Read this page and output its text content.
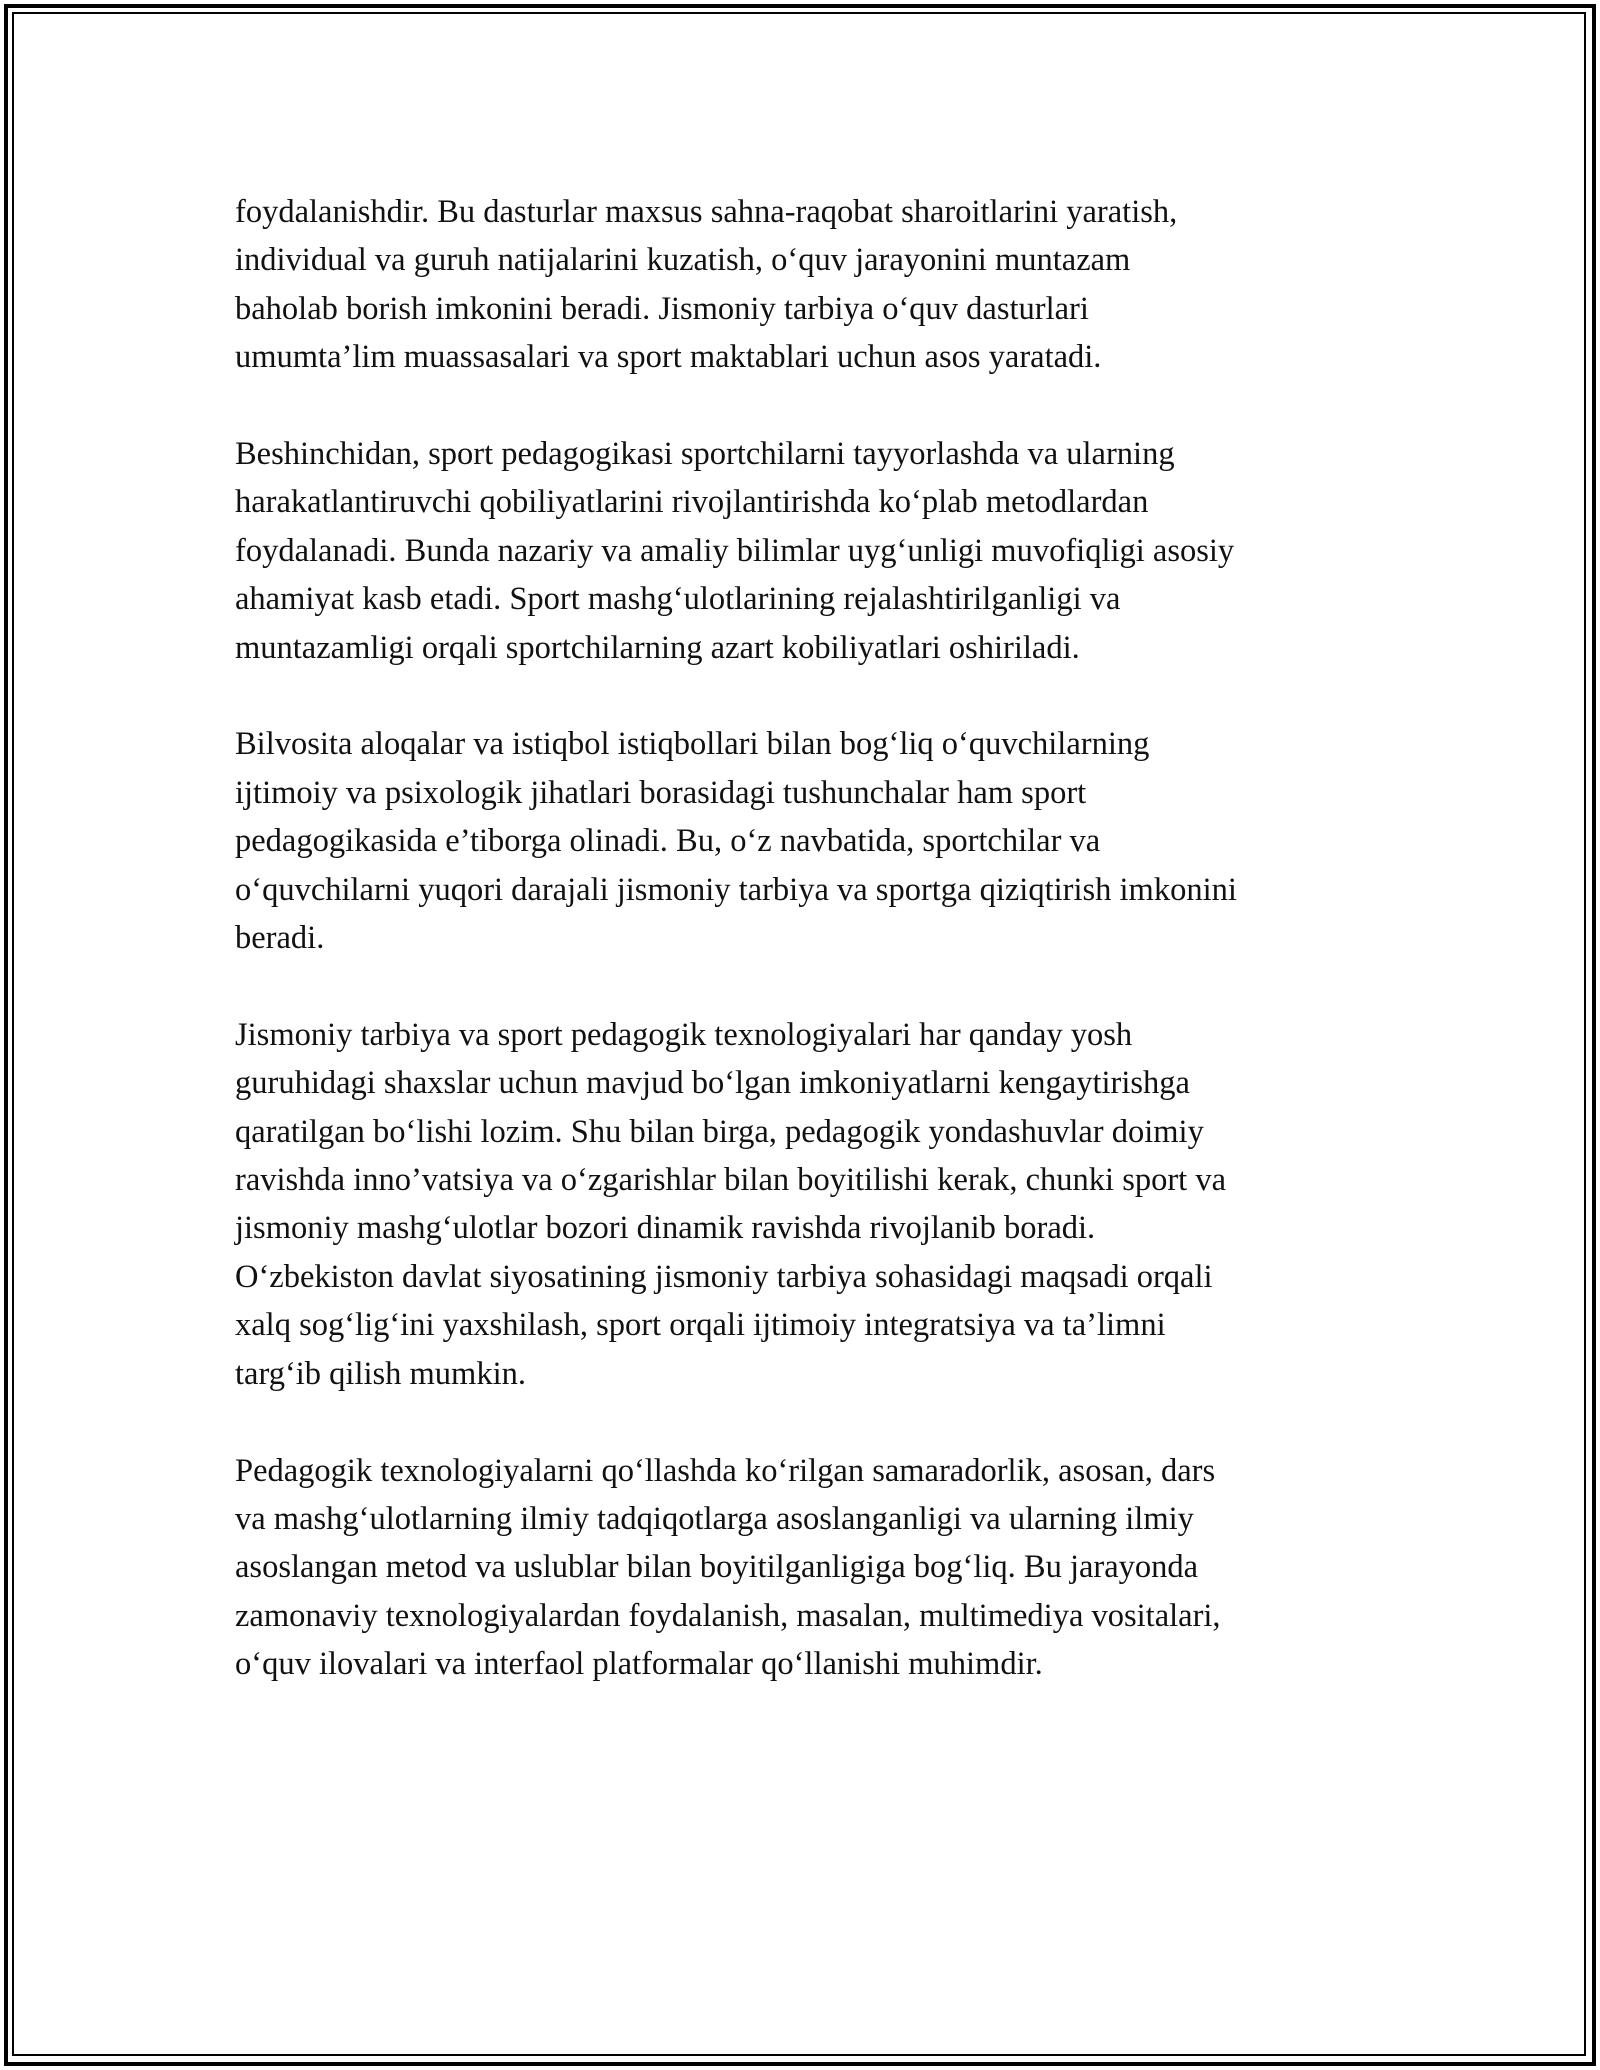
foydalanishdir. Bu dasturlar maxsus sahna-raqobat sharoitlarini yaratish,
individual va guruh natijalarini kuzatish, o‘quv jarayonini muntazam
baholab borish imkonini beradi. Jismoniy tarbiya o‘quv dasturlari
umumta’lim muassasalari va sport maktablari uchun asos yaratadi.

Beshinchidan, sport pedagogikasi sportchilarni tayyorlashda va ularning
harakatlantiruvchi qobiliyatlarini rivojlantirishda ko‘plab metodlardan
foydalanadi. Bunda nazariy va amaliy bilimlar uyg‘unligi muvofiqligi asosiy
ahamiyat kasb etadi. Sport mashg‘ulotlarining rejalashtirilganligi va
muntazamligi orqali sportchilarning azart kobiliyatlari oshiriladi.

Bilvosita aloqalar va istiqbol istiqbollari bilan bog‘liq o‘quvchilarning
ijtimoiy va psixologik jihatlari borasidagi tushunchalar ham sport
pedagogikasida e’tiborga olinadi. Bu, o‘z navbatida, sportchilar va
o‘quvchilarni yuqori darajali jismoniy tarbiya va sportga qiziqtirish imkonini
beradi.

Jismoniy tarbiya va sport pedagogik texnologiyalari har qanday yosh
guruhidagi shaxslar uchun mavjud bo‘lgan imkoniyatlarni kengaytirishga
qaratilgan bo‘lishi lozim. Shu bilan birga, pedagogik yondashuvlar doimiy
ravishda inno’vatsiya va o‘zgarishlar bilan boyitilishi kerak, chunki sport va
jismoniy mashg‘ulotlar bozori dinamik ravishda rivojlanib boradi.
O‘zbekiston davlat siyosatining jismoniy tarbiya sohasidagi maqsadi orqali
xalq sog‘lig‘ini yaxshilash, sport orqali ijtimoiy integratsiya va ta’limni
targ‘ib qilish mumkin.

Pedagogik texnologiyalarni qo‘llashda ko‘rilgan samaradorlik, asosan, dars
va mashg‘ulotlarning ilmiy tadqiqotlarga asoslanganligi va ularning ilmiy
asoslangan metod va uslublar bilan boyitilganligiga bog‘liq. Bu jarayonda
zamonaviy texnologiyalardan foydalanish, masalan, multimediya vositalari,
o‘quv ilovalari va interfaol platformalar qo‘llanishi muhimdir.
